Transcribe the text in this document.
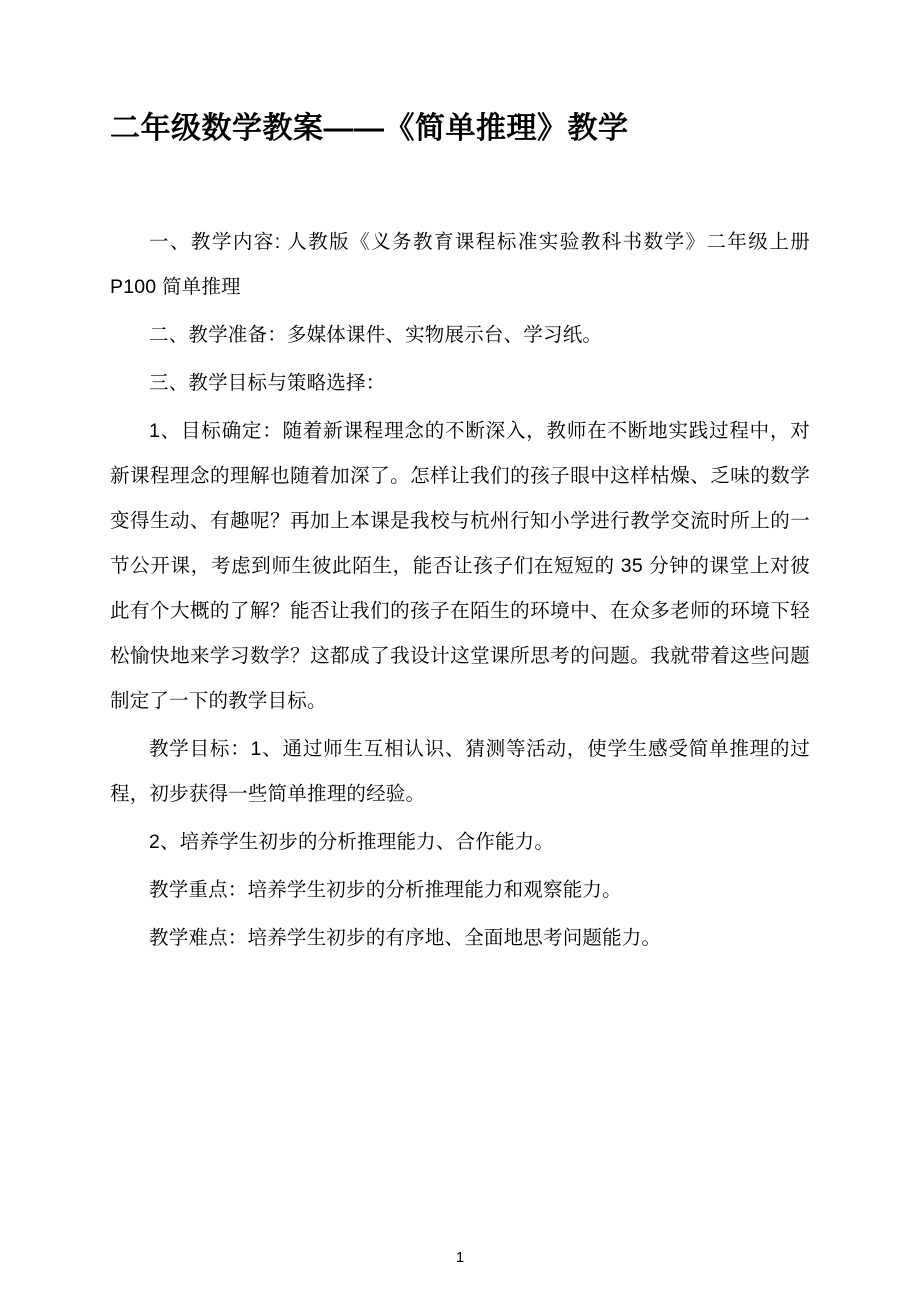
二年级数学教案——《简单推理》教学

一、教学内容: 人教版《义务教育课程标准实验教科书数学》二年级上册 P100 简单推理

二、教学准备：多媒体课件、实物展示台、学习纸。

三、教学目标与策略选择：

1、目标确定：随着新课程理念的不断深入，教师在不断地实践过程中，对新课程理念的理解也随着加深了。怎样让我们的孩子眼中这样枯燥、乏味的数学变得生动、有趣呢？再加上本课是我校与杭州行知小学进行教学交流时所上的一节公开课，考虑到师生彼此陌生，能否让孩子们在短短的 35 分钟的课堂上对彼此有个大概的了解？能否让我们的孩子在陌生的环境中、在众多老师的环境下轻松愉快地来学习数学？这都成了我设计这堂课所思考的问题。我就带着这些问题制定了一下的教学目标。

教学目标：1、通过师生互相认识、猜测等活动，使学生感受简单推理的过程，初步获得一些简单推理的经验。

2、培养学生初步的分析推理能力、合作能力。

教学重点：培养学生初步的分析推理能力和观察能力。

教学难点：培养学生初步的有序地、全面地思考问题能力。

1
